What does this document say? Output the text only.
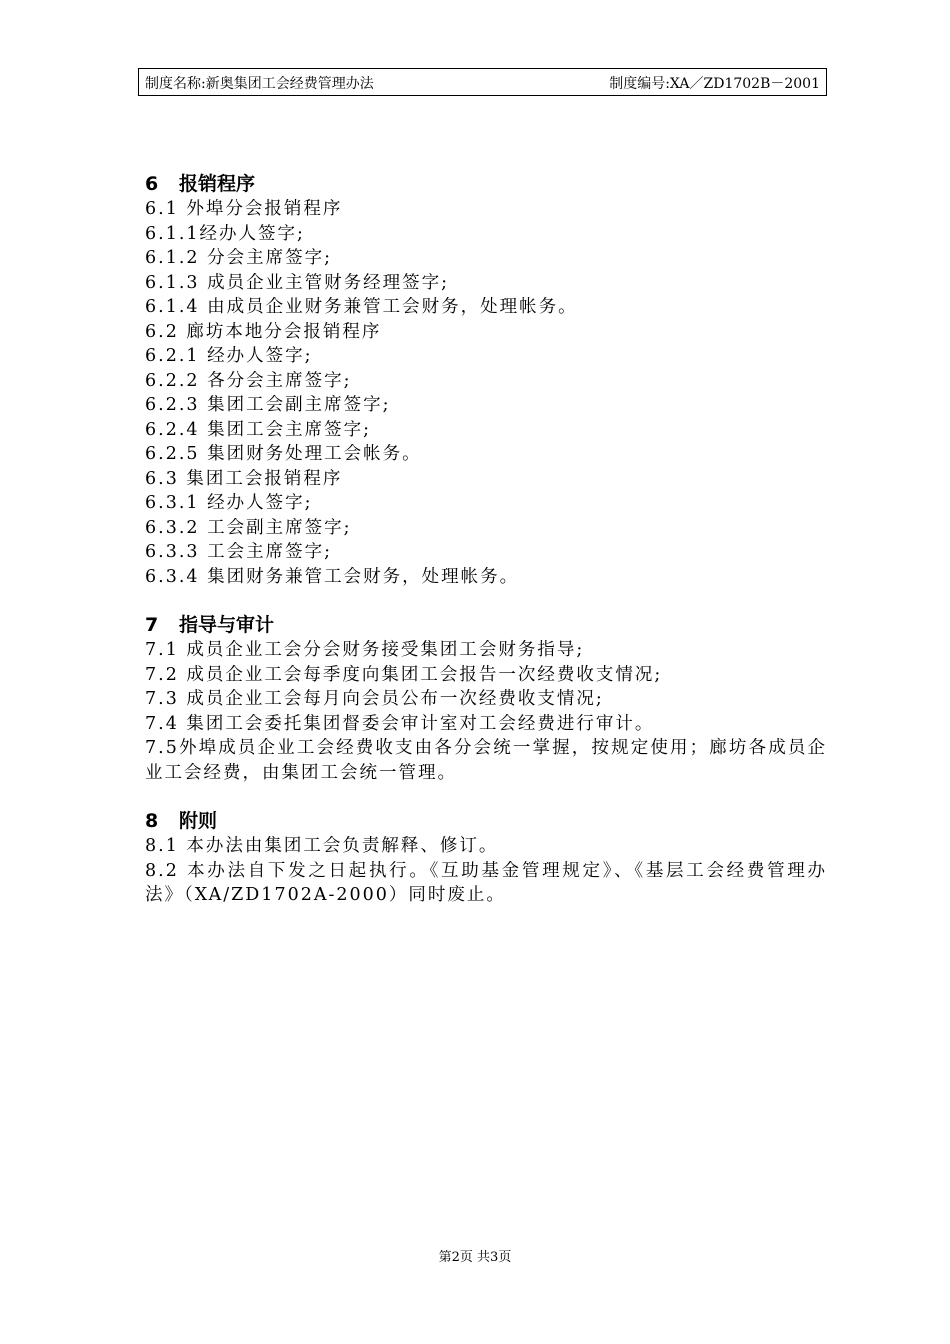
制度名称:新奥集团工会经费管理办法	制度编号:XA／ZD1702B－2001
6 报销程序
6.1 外埠分会报销程序
6.1.1经办人签字;
6.1.2 分会主席签字;
6.1.3 成员企业主管财务经理签字;
6.1.4 由成员企业财务兼管工会财务，处理帐务。
6.2 廊坊本地分会报销程序
6.2.1 经办人签字;
6.2.2 各分会主席签字;
6.2.3 集团工会副主席签字;
6.2.4 集团工会主席签字;
6.2.5 集团财务处理工会帐务。
6.3 集团工会报销程序
6.3.1 经办人签字;
6.3.2 工会副主席签字;
6.3.3 工会主席签字;
6.3.4 集团财务兼管工会财务，处理帐务。
7 指导与审计
7.1 成员企业工会分会财务接受集团工会财务指导;
7.2 成员企业工会每季度向集团工会报告一次经费收支情况;
7.3 成员企业工会每月向会员公布一次经费收支情况;
7.4 集团工会委托集团督委会审计室对工会经费进行审计。
7.5外埠成员企业工会经费收支由各分会统一掌握，按规定使用；廊坊各成员企业工会经费，由集团工会统一管理。
8 附则
8.1 本办法由集团工会负责解释、修订。
8.2 本办法自下发之日起执行。《互助基金管理规定》、《基层工会经费管理办法》（XA/ZD1702A-2000）同时废止。
第2页 共3页
